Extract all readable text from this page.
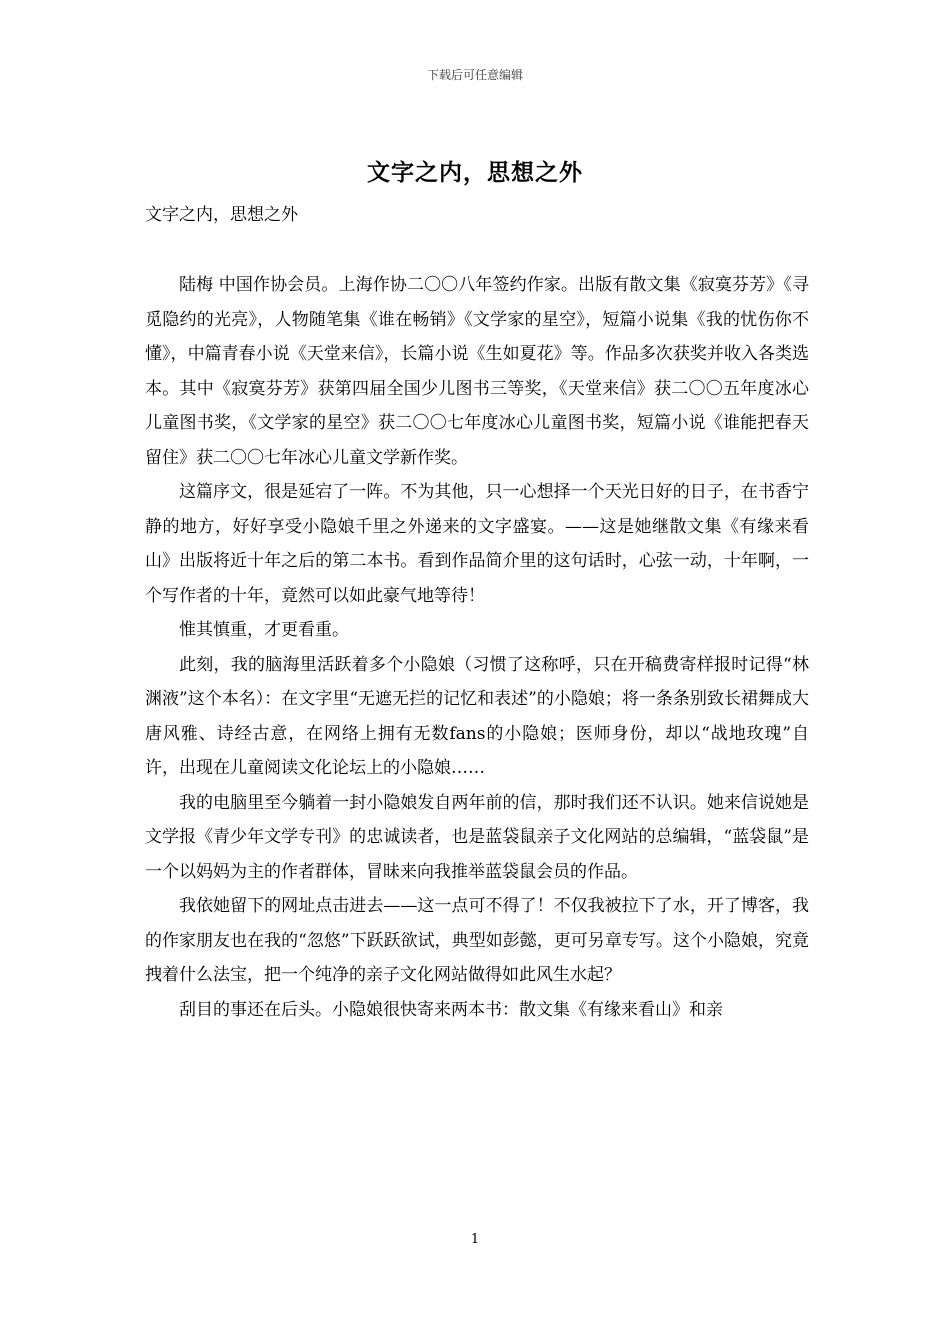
下载后可任意编辑
文字之内，思想之外
文字之内，思想之外

陆梅 中国作协会员。上海作协二〇〇八年签约作家。出版有散文集《寂寞芬芳》《寻觅隐约的光亮》，人物随笔集《谁在畅销》《文学家的星空》，短篇小说集《我的忧伤你不懂》，中篇青春小说《天堂来信》，长篇小说《生如夏花》等。作品多次获奖并收入各类选本。其中《寂寞芬芳》获第四届全国少儿图书三等奖，《天堂来信》获二〇〇五年度冰心儿童图书奖，《文学家的星空》获二〇〇七年度冰心儿童图书奖，短篇小说《谁能把春天留住》获二〇〇七年冰心儿童文学新作奖。

这篇序文，很是延宕了一阵。不为其他，只一心想择一个天光日好的日子，在书香宁静的地方，好好享受小隐娘千里之外递来的文字盛宴。——这是她继散文集《有缘来看山》出版将近十年之后的第二本书。看到作品简介里的这句话时，心弦一动，十年啊，一个写作者的十年，竟然可以如此豪气地等待！

惟其慎重，才更看重。

此刻，我的脑海里活跃着多个小隐娘（习惯了这称呼，只在开稿费寄样报时记得“林渊液”这个本名）：在文字里“无遮无拦的记忆和表述”的小隐娘；将一条条别致长裙舞成大唐风雅、诗经古意，在网络上拥有无数fans的小隐娘；医师身份，却以“战地玫瑰”自许，出现在儿童阅读文化论坛上的小隐娘……

我的电脑里至今躺着一封小隐娘发自两年前的信，那时我们还不认识。她来信说她是文学报《青少年文学专刊》的忠诚读者，也是蓝袋鼠亲子文化网站的总编辑，“蓝袋鼠”是一个以妈妈为主的作者群体，冒昧来向我推举蓝袋鼠会员的作品。

我依她留下的网址点击进去——这一点可不得了！不仅我被拉下了水，开了博客，我的作家朋友也在我的“忽悠”下跃跃欲试，典型如彭懿，更可另章专写。这个小隐娘，究竟拽着什么法宝，把一个纯净的亲子文化网站做得如此风生水起？

刮目的事还在后头。小隐娘很快寄来两本书：散文集《有缘来看山》和亲

1
